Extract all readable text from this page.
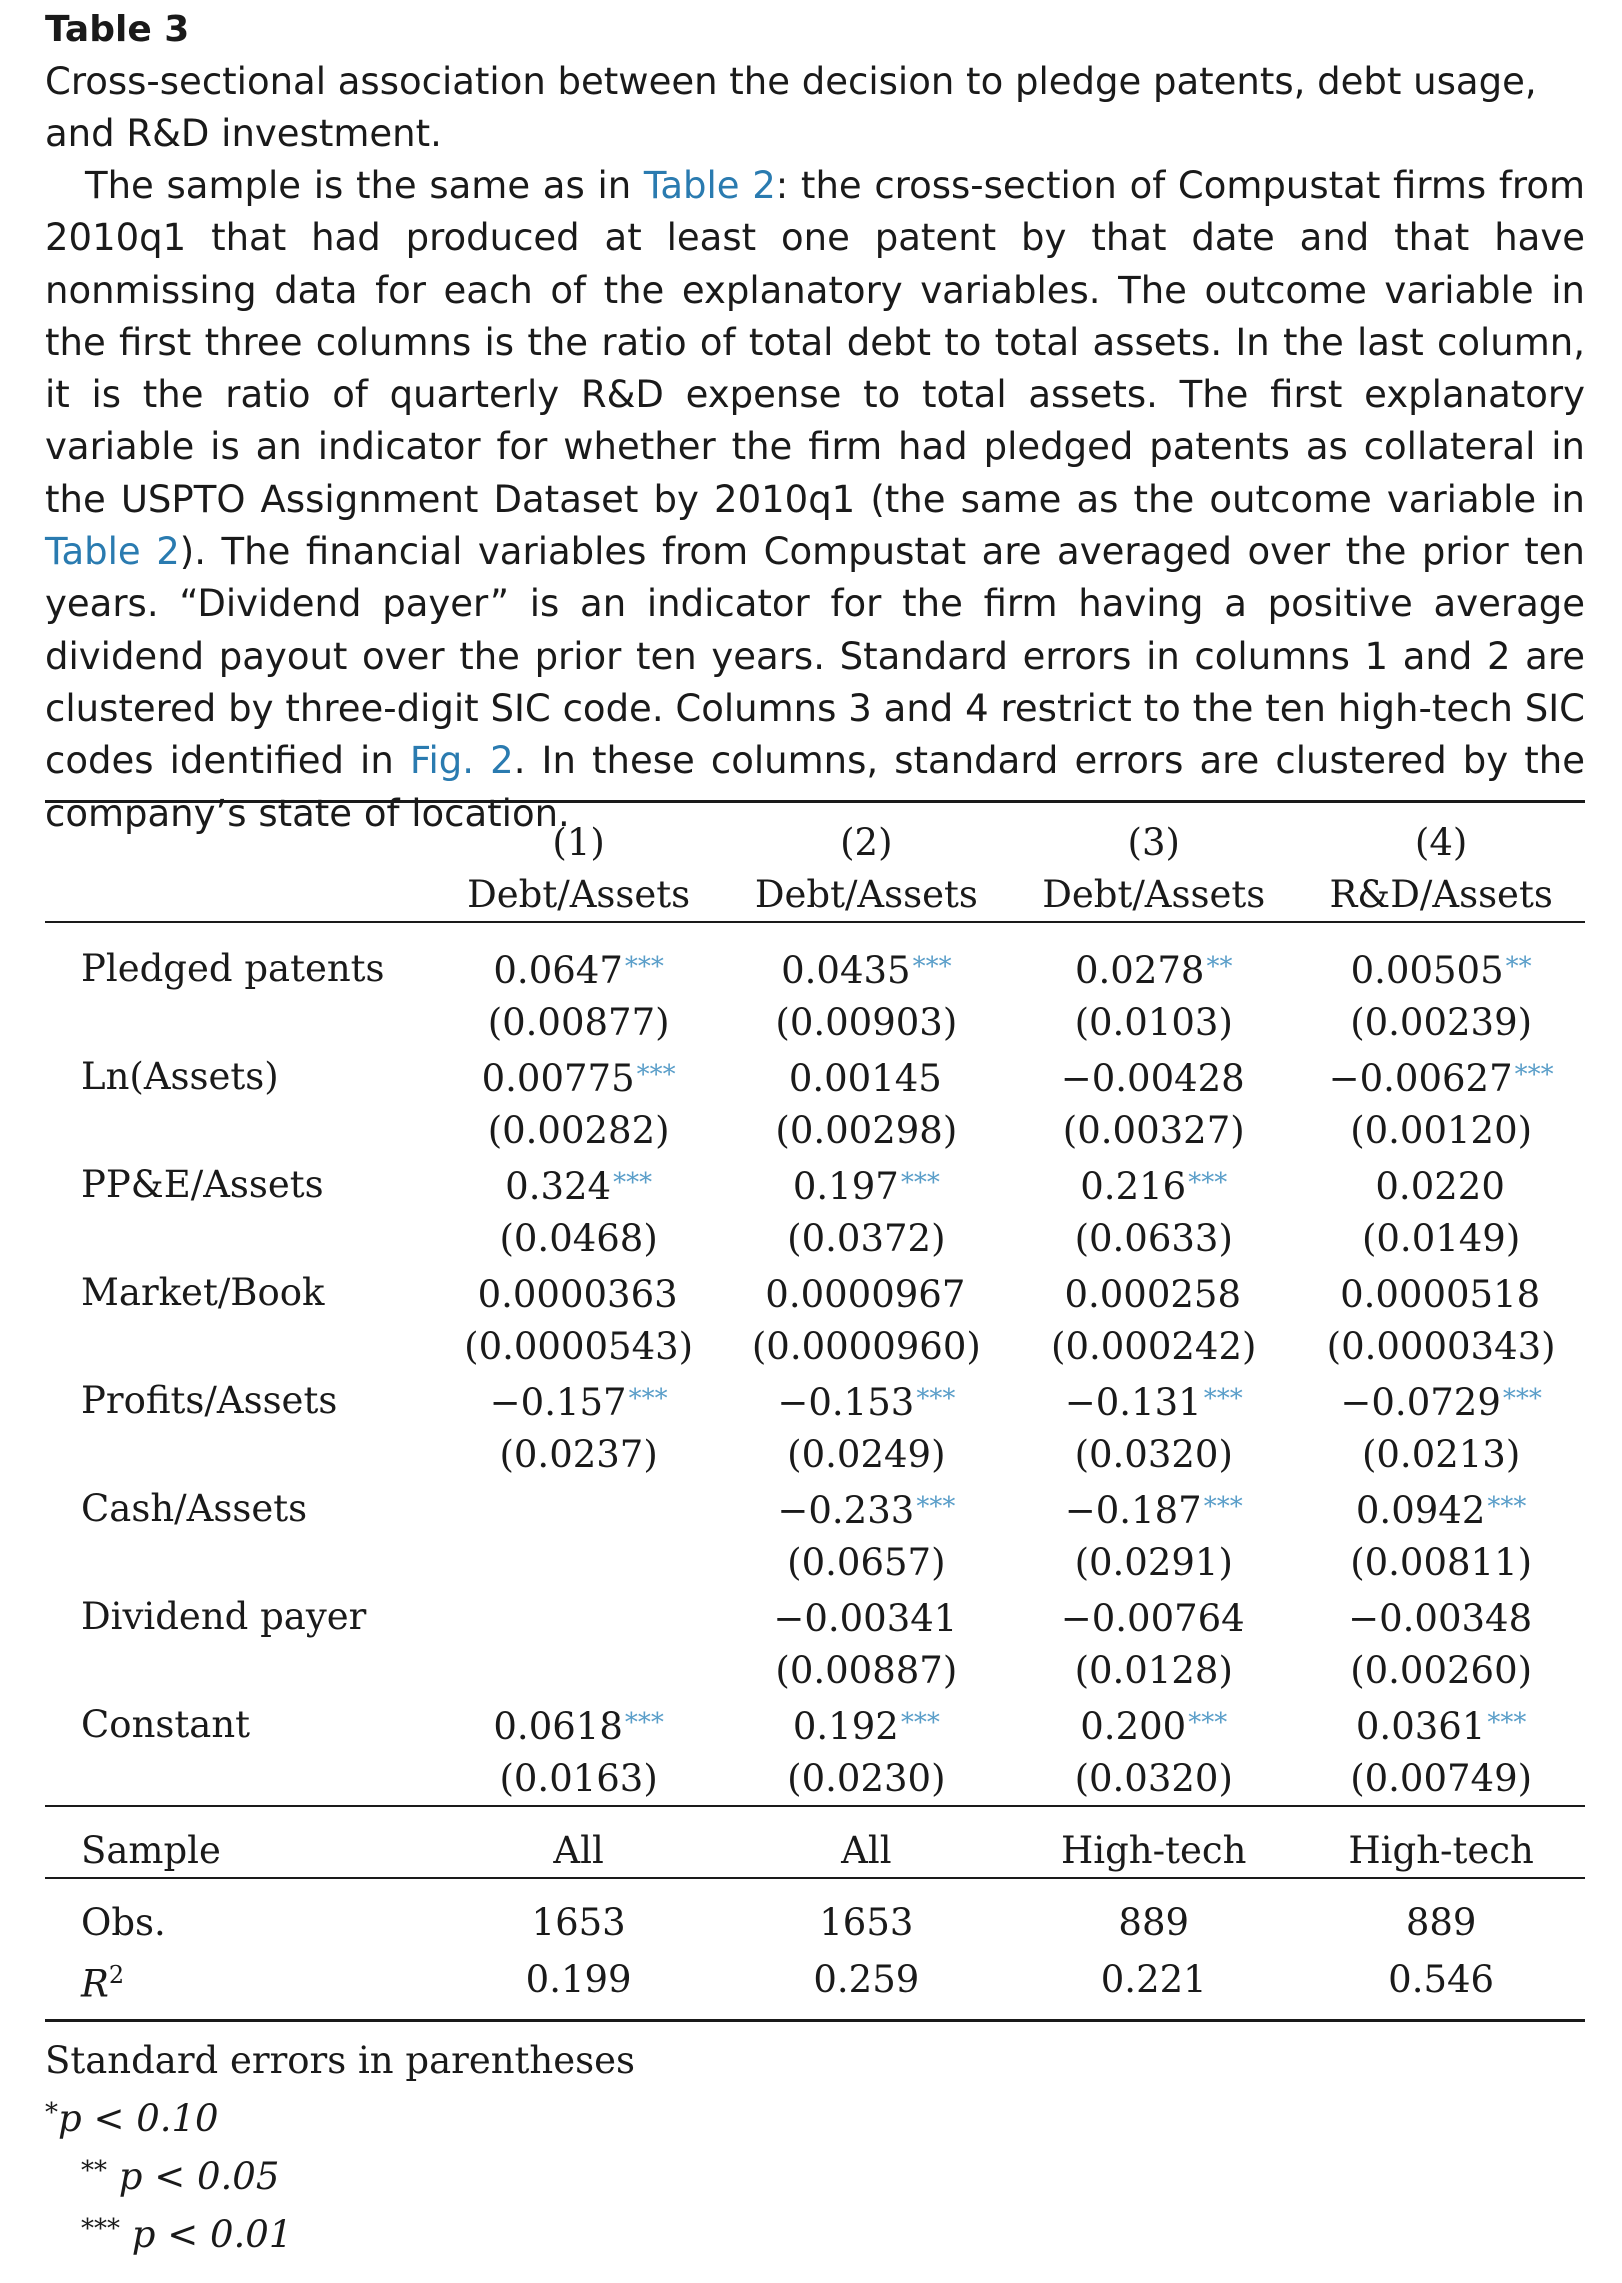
Table 3
Cross-sectional association between the decision to pledge patents, debt usage, and R&D investment.
The sample is the same as in Table 2: the cross-section of Compustat firms from 2010q1 that had produced at least one patent by that date and that have nonmissing data for each of the explanatory variables. The outcome variable in the first three columns is the ratio of total debt to total assets. In the last column, it is the ratio of quarterly R&D expense to total assets. The first explanatory variable is an indicator for whether the firm had pledged patents as collateral in the USPTO Assignment Dataset by 2010q1 (the same as the outcome variable in Table 2). The financial variables from Compustat are averaged over the prior ten years. “Dividend payer” is an indicator for the firm having a positive average dividend payout over the prior ten years. Standard errors in columns 1 and 2 are clustered by three-digit SIC code. Columns 3 and 4 restrict to the ten high-tech SIC codes identified in Fig. 2. In these columns, standard errors are clustered by the company’s state of location.

	(1)	(2)	(3)	(4)
	Debt/Assets	Debt/Assets	Debt/Assets	R&D/Assets

Pledged patents	0.0647***	0.0435***	0.0278**	0.00505**
	(0.00877)	(0.00903)	(0.0103)	(0.00239)
Ln(Assets)	0.00775***	0.00145	−0.00428	−0.00627***
	(0.00282)	(0.00298)	(0.00327)	(0.00120)
PP&E/Assets	0.324***	0.197***	0.216***	0.0220
	(0.0468)	(0.0372)	(0.0633)	(0.0149)
Market/Book	0.0000363	0.0000967	0.000258	0.0000518
	(0.0000543)	(0.0000960)	(0.000242)	(0.0000343)
Profits/Assets	−0.157***	−0.153***	−0.131***	−0.0729***
	(0.0237)	(0.0249)	(0.0320)	(0.0213)
Cash/Assets		−0.233***	−0.187***	0.0942***
		(0.0657)	(0.0291)	(0.00811)
Dividend payer		−0.00341	−0.00764	−0.00348
		(0.00887)	(0.0128)	(0.00260)
Constant	0.0618***	0.192***	0.200***	0.0361***
	(0.0163)	(0.0230)	(0.0320)	(0.00749)

Sample	All	All	High-tech	High-tech

Obs.	1653	1653	889	889
$R^2$	0.199	0.259	0.221	0.546

Standard errors in parentheses
*p < 0.10
** p < 0.05
*** p < 0.01
